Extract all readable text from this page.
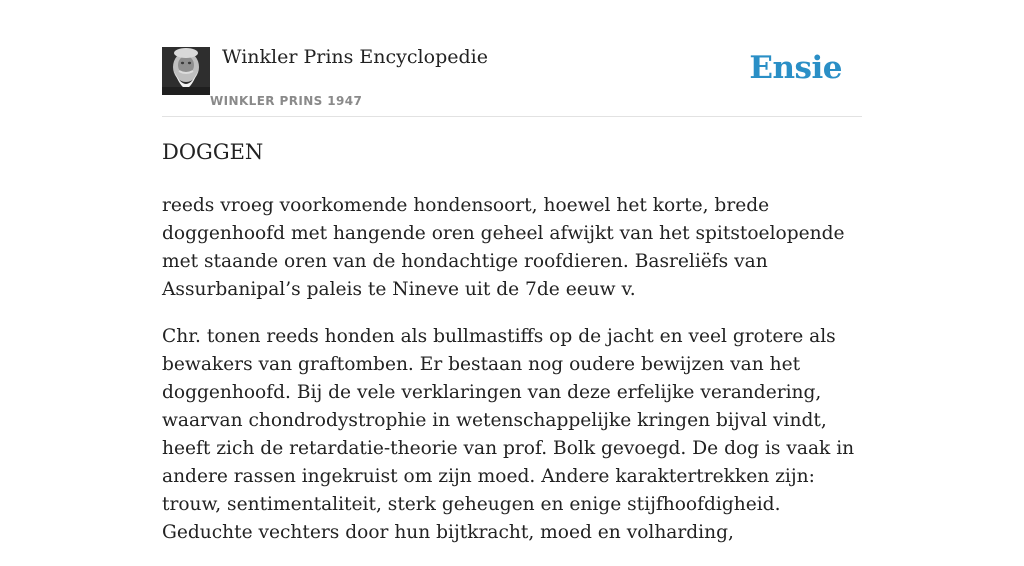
Winkler Prins Encyclopedie
WINKLER PRINS 1947
Ensie
DOGGEN

reeds vroeg voorkomende hondensoort, hoewel het korte, brede doggenhoofd met hangende oren geheel afwijkt van het spitstoelopende met staande oren van de hondachtige roofdieren. Basreliëfs van Assurbanipal’s paleis te Nineve uit de 7de eeuw v.

Chr. tonen reeds honden als bullmastiffs op de jacht en veel grotere als bewakers van graftomben. Er bestaan nog oudere bewijzen van het doggenhoofd. Bij de vele verklaringen van deze erfelijke verandering, waarvan chondrodystrophie in wetenschappelijke kringen bijval vindt, heeft zich de retardatie-theorie van prof. Bolk gevoegd. De dog is vaak in andere rassen ingekruist om zijn moed. Andere karaktertrekken zijn: trouw, sentimentaliteit, sterk geheugen en enige stijfhoofdigheid. Geduchte vechters door hun bijtkracht, moed en volharding,
